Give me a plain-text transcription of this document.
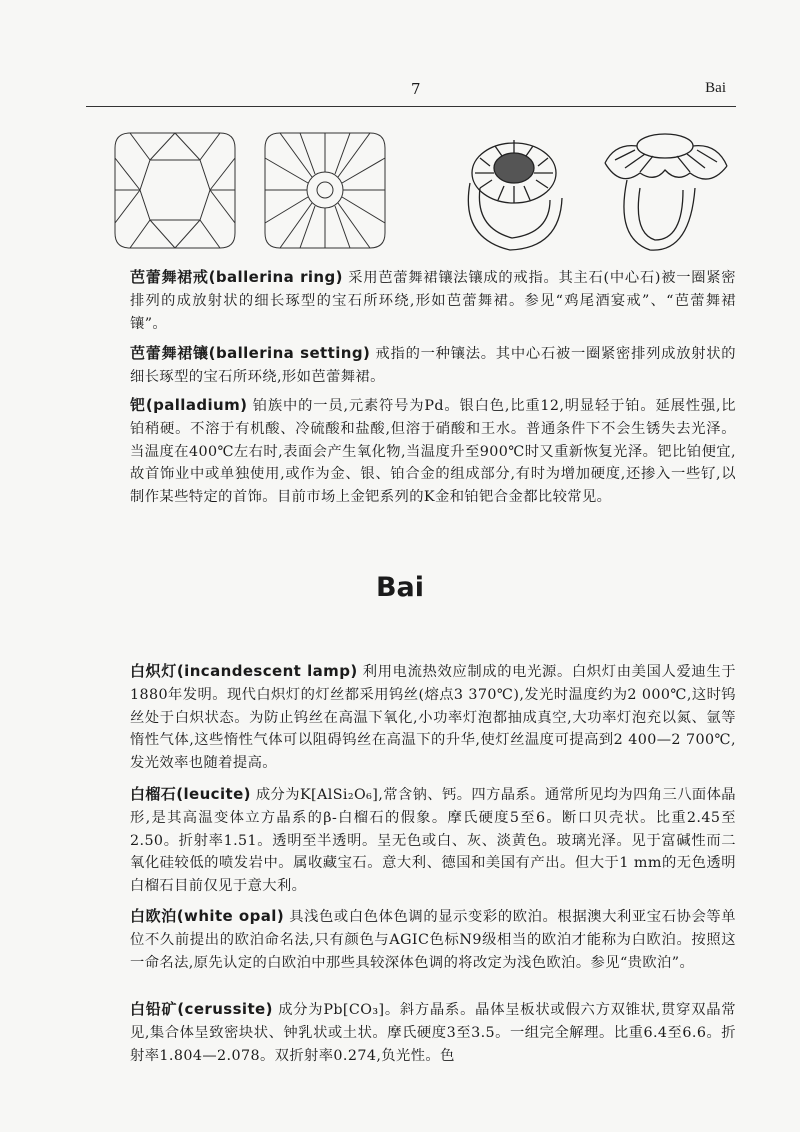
7	Bai
芭蕾舞裙戒(ballerina ring) 采用芭蕾舞裙镶法镶成的戒指。其主石(中心石)被一圈紧密排列的成放射状的细长琢型的宝石所环绕,形如芭蕾舞裙。参见“鸡尾酒宴戒”、“芭蕾舞裙镶”。
芭蕾舞裙镶(ballerina setting) 戒指的一种镶法。其中心石被一圈紧密排列成放射状的细长琢型的宝石所环绕,形如芭蕾舞裙。
钯(palladium) 铂族中的一员,元素符号为Pd。银白色,比重12,明显轻于铂。延展性强,比铂稍硬。不溶于有机酸、冷硫酸和盐酸,但溶于硝酸和王水。普通条件下不会生锈失去光泽。当温度在400℃左右时,表面会产生氧化物,当温度升至900℃时又重新恢复光泽。钯比铂便宜,故首饰业中或单独使用,或作为金、银、铂合金的组成部分,有时为增加硬度,还掺入一些钌,以制作某些特定的首饰。目前市场上金钯系列的K金和铂钯合金都比较常见。
Bai
白炽灯(incandescent lamp) 利用电流热效应制成的电光源。白炽灯由美国人爱迪生于1880年发明。现代白炽灯的灯丝都采用钨丝(熔点3 370℃),发光时温度约为2 000℃,这时钨丝处于白炽状态。为防止钨丝在高温下氧化,小功率灯泡都抽成真空,大功率灯泡充以氮、氩等惰性气体,这些惰性气体可以阻碍钨丝在高温下的升华,使灯丝温度可提高到2 400—2 700℃,发光效率也随着提高。
白榴石(leucite) 成分为K[AlSi₂O₆],常含钠、钙。四方晶系。通常所见均为四角三八面体晶形,是其高温变体立方晶系的β-白榴石的假象。摩氏硬度5至6。断口贝壳状。比重2.45至2.50。折射率1.51。透明至半透明。呈无色或白、灰、淡黄色。玻璃光泽。见于富碱性而二氧化硅较低的喷发岩中。属收藏宝石。意大利、德国和美国有产出。但大于1 mm的无色透明白榴石目前仅见于意大利。
白欧泊(white opal) 具浅色或白色体色调的显示变彩的欧泊。根据澳大利亚宝石协会等单位不久前提出的欧泊命名法,只有颜色与AGIC色标N9级相当的欧泊才能称为白欧泊。按照这一命名法,原先认定的白欧泊中那些具较深体色调的将改定为浅色欧泊。参见“贵欧泊”。
白铅矿(cerussite) 成分为Pb[CO₃]。斜方晶系。晶体呈板状或假六方双锥状,贯穿双晶常见,集合体呈致密块状、钟乳状或土状。摩氏硬度3至3.5。一组完全解理。比重6.4至6.6。折射率1.804—2.078。双折射率0.274,负光性。色
